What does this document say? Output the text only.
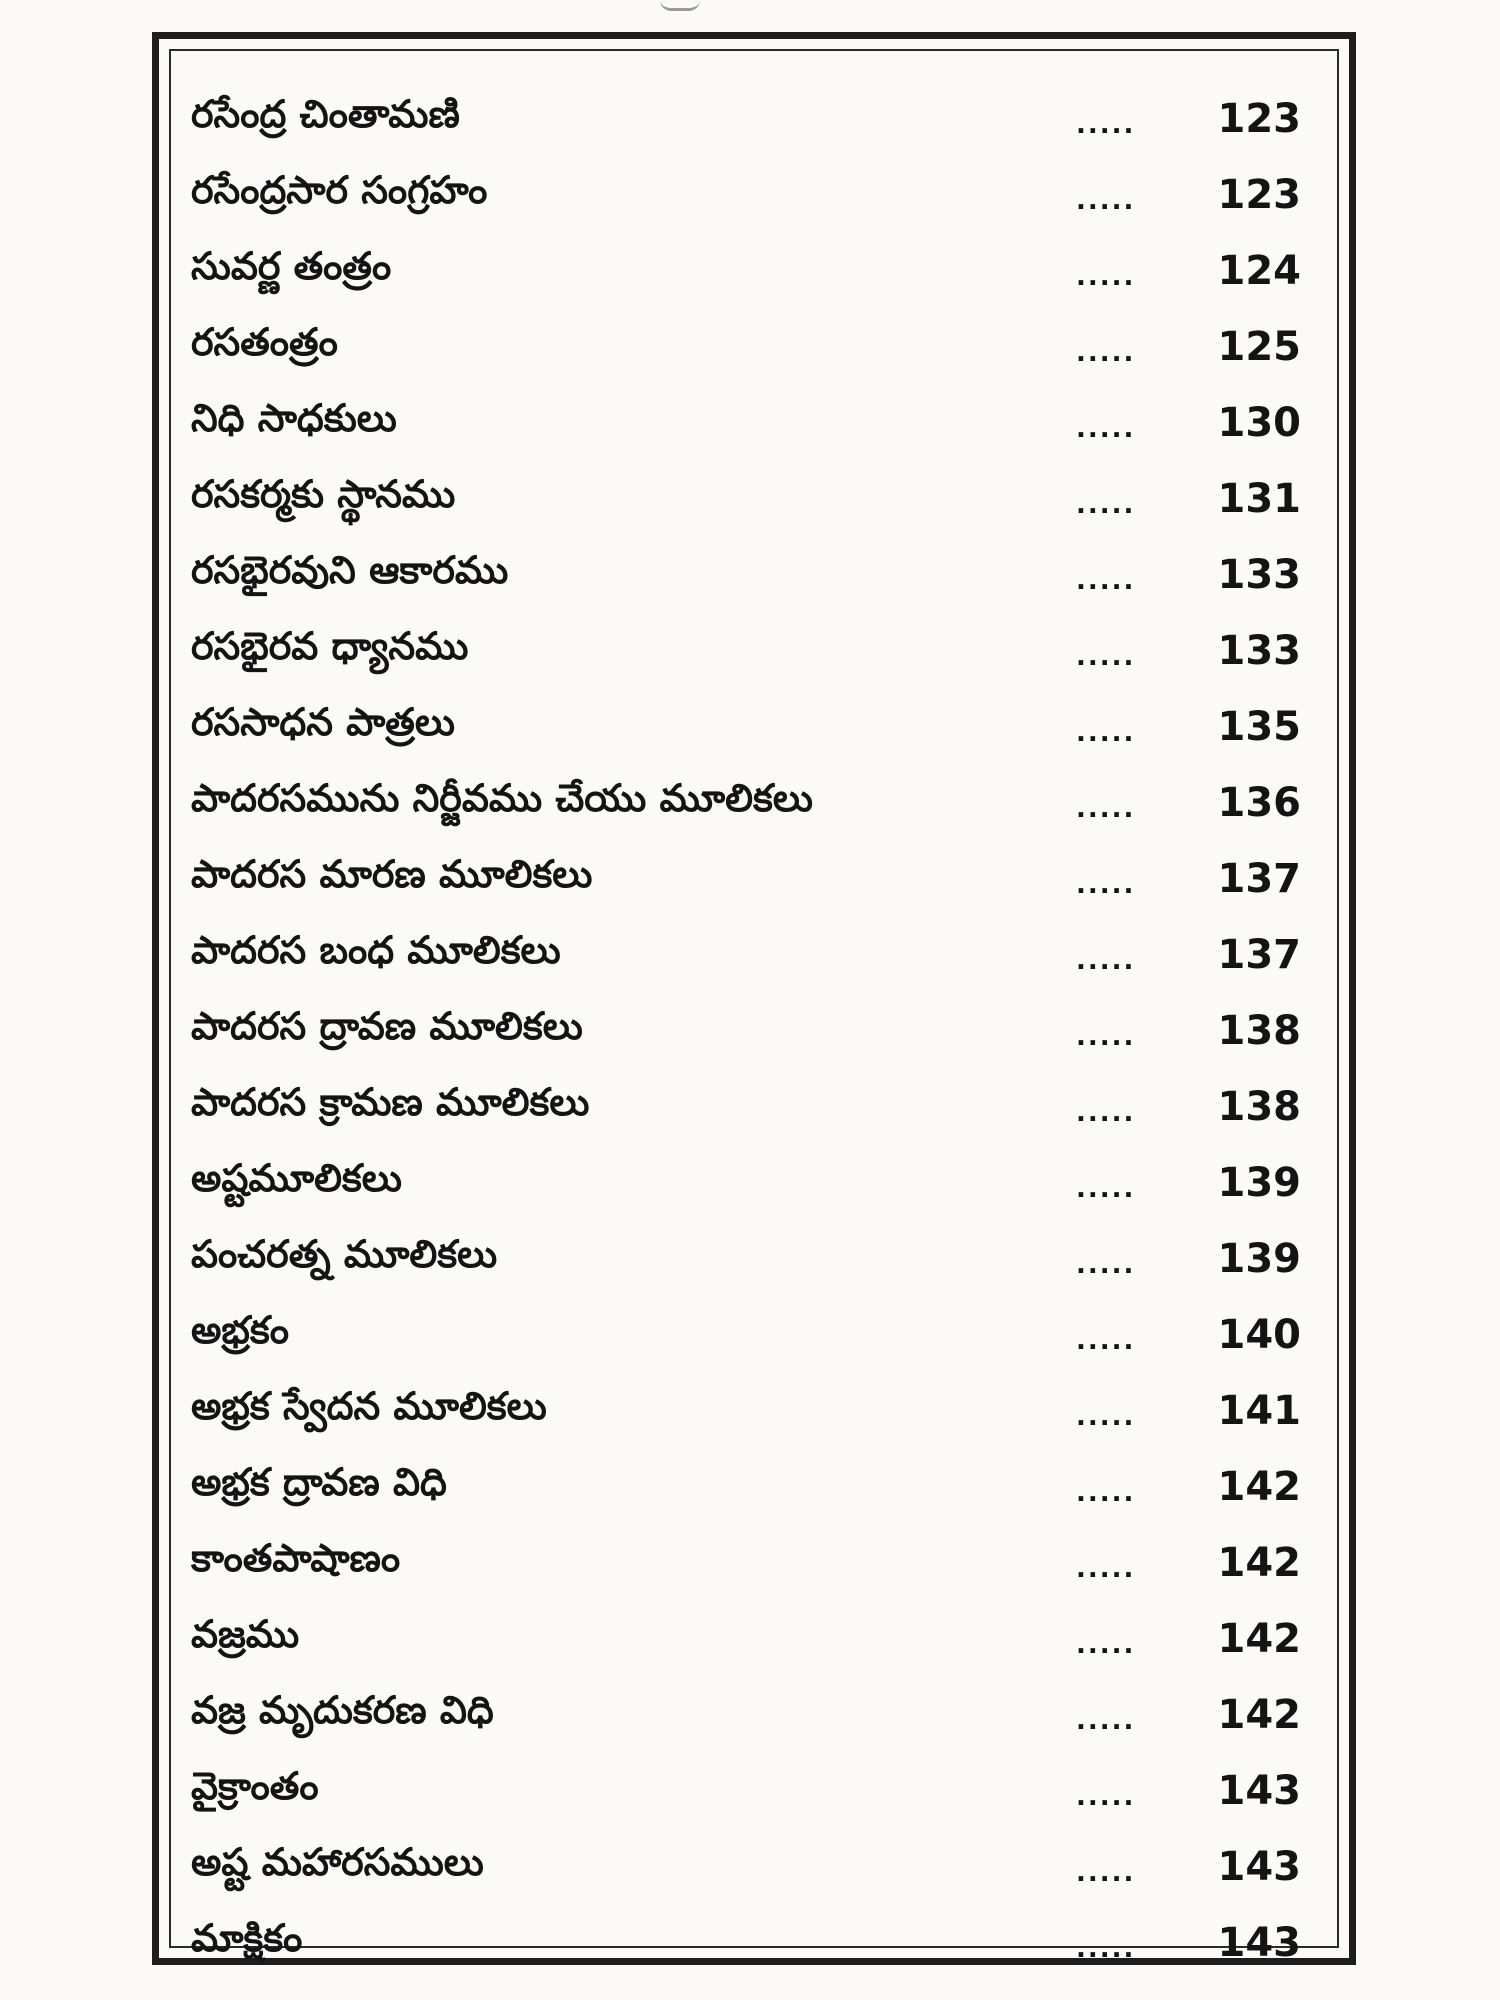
రసేంద్ర చింతామణి	.....	123
రసేంద్రసార సంగ్రహం	.....	123
సువర్ణ తంత్రం	.....	124
రసతంత్రం	.....	125
నిధి సాధకులు	.....	130
రసకర్మకు స్థానము	.....	131
రసభైరవుని ఆకారము	.....	133
రసభైరవ ధ్యానము	.....	133
రససాధన పాత్రలు	.....	135
పాదరసమును నిర్జీవము చేయు మూలికలు	.....	136
పాదరస మారణ మూలికలు	.....	137
పాదరస బంధ మూలికలు	.....	137
పాదరస ద్రావణ మూలికలు	.....	138
పాదరస క్రామణ మూలికలు	.....	138
అష్టమూలికలు	.....	139
పంచరత్న మూలికలు	.....	139
అభ్రకం	.....	140
అభ్రక స్వేదన మూలికలు	.....	141
అభ్రక ద్రావణ విధి	.....	142
కాంతపాషాణం	.....	142
వజ్రము	.....	142
వజ్ర మృదుకరణ విధి	.....	142
వైక్రాంతం	.....	143
అష్ట మహారసములు	.....	143
మాక్షికం	.....	143
